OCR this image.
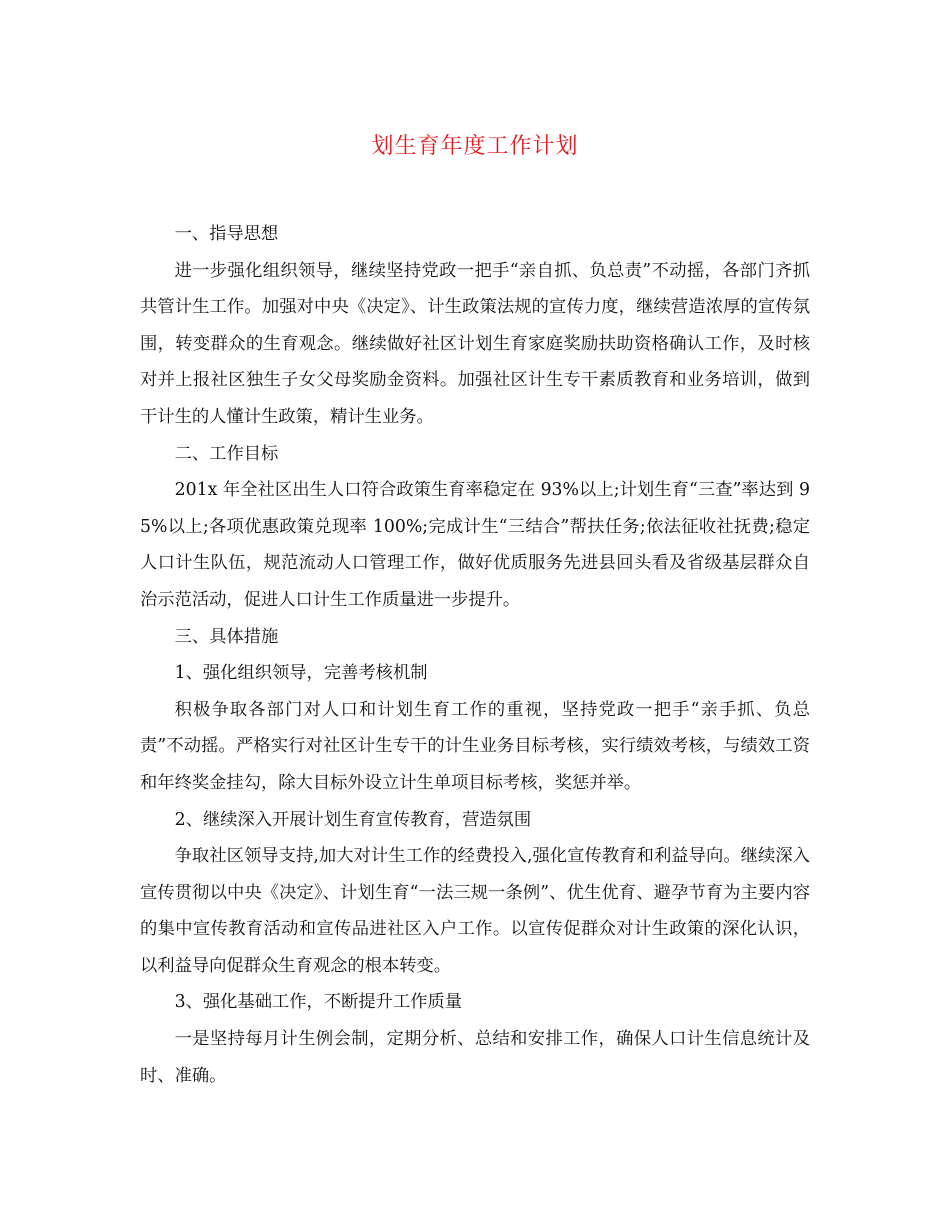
划生育年度工作计划

一、指导思想

进一步强化组织领导，继续坚持党政一把手“亲自抓、负总责”不动摇，各部门齐抓共管计生工作。加强对中央《决定》、计生政策法规的宣传力度，继续营造浓厚的宣传氛围，转变群众的生育观念。继续做好社区计划生育家庭奖励扶助资格确认工作，及时核对并上报社区独生子女父母奖励金资料。加强社区计生专干素质教育和业务培训，做到干计生的人懂计生政策，精计生业务。

二、工作目标

201x 年全社区出生人口符合政策生育率稳定在 93%以上;计划生育“三查”率达到 95%以上;各项优惠政策兑现率 100%;完成计生“三结合”帮扶任务;依法征收社抚费;稳定人口计生队伍，规范流动人口管理工作，做好优质服务先进县回头看及省级基层群众自治示范活动，促进人口计生工作质量进一步提升。

三、具体措施

1、强化组织领导，完善考核机制

积极争取各部门对人口和计划生育工作的重视，坚持党政一把手“亲手抓、负总责”不动摇。严格实行对社区计生专干的计生业务目标考核，实行绩效考核，与绩效工资和年终奖金挂勾，除大目标外设立计生单项目标考核，奖惩并举。

2、继续深入开展计划生育宣传教育，营造氛围

争取社区领导支持,加大对计生工作的经费投入,强化宣传教育和利益导向。继续深入宣传贯彻以中央《决定》、计划生育“一法三规一条例”、优生优育、避孕节育为主要内容的集中宣传教育活动和宣传品进社区入户工作。以宣传促群众对计生政策的深化认识，以利益导向促群众生育观念的根本转变。

3、强化基础工作，不断提升工作质量

一是坚持每月计生例会制，定期分析、总结和安排工作，确保人口计生信息统计及时、准确。
